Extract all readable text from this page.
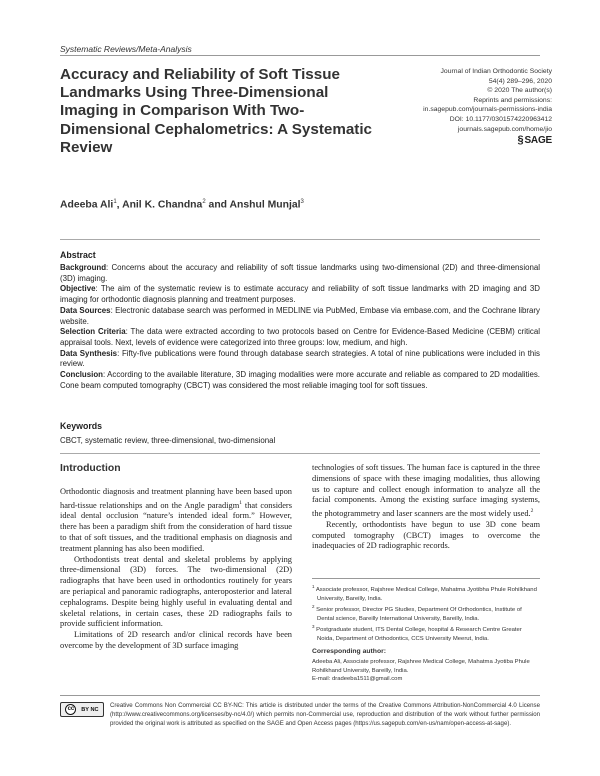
Systematic Reviews/Meta-Analysis
Accuracy and Reliability of Soft Tissue Landmarks Using Three-Dimensional Imaging in Comparison With Two-Dimensional Cephalometrics: A Systematic Review
Journal of Indian Orthodontic Society
54(4) 289–296, 2020
© 2020 The author(s)
Reprints and permissions:
in.sagepub.com/journals-permissions-india
DOI: 10.1177/0301574220963412
journals.sagepub.com/home/jio
§ SAGE
Adeeba Ali$^1$, Anil K. Chandna$^2$ and Anshul Munjal$^3$
Abstract

Background: Concerns about the accuracy and reliability of soft tissue landmarks using two-dimensional (2D) and three-dimensional (3D) imaging.

Objective: The aim of the systematic review is to estimate accuracy and reliability of soft tissue landmarks with 2D imaging and 3D imaging for orthodontic diagnosis planning and treatment purposes.

Data Sources: Electronic database search was performed in MEDLINE via PubMed, Embase via embase.com, and the Cochrane library website.

Selection Criteria: The data were extracted according to two protocols based on Centre for Evidence-Based Medicine (CEBM) critical appraisal tools. Next, levels of evidence were categorized into three groups: low, medium, and high.

Data Synthesis: Fifty-five publications were found through database search strategies. A total of nine publications were included in this review.

Conclusion: According to the available literature, 3D imaging modalities were more accurate and reliable as compared to 2D modalities. Cone beam computed tomography (CBCT) was considered the most reliable imaging tool for soft tissues.

Keywords
CBCT, systematic review, three-dimensional, two-dimensional
Introduction

Orthodontic diagnosis and treatment planning have been based upon hard-tissue relationships and on the Angle paradigm$^1$ that considers ideal dental occlusion “nature’s intended ideal form.” However, there has been a paradigm shift from the consideration of hard tissue to that of soft tissues, and the traditional emphasis on diagnosis and treatment planning has also been modified.

Orthodontists treat dental and skeletal problems by applying three-dimensional (3D) forces. The two-dimensional (2D) radiographs that have been used in orthodontics routinely for years are periapical and panoramic radiographs, anteroposterior and lateral cephalograms. Despite being highly useful in evaluating dental and skeletal relations, in certain cases, these 2D radiographs fails to provide sufficient information.

Limitations of 2D research and/or clinical records have been overcome by the development of 3D surface imaging

technologies of soft tissues. The human face is captured in the three dimensions of space with these imaging modalities, thus allowing us to capture and collect enough information to analyze all the facial components. Among the existing surface imaging systems, the photogrammetry and laser scanners are the most widely used.$^2$

Recently, orthodontists have begun to use 3D cone beam computed tomography (CBCT) images to overcome the inadequacies of 2D radiographic records.

$^1$ Associate professor, Rajshree Medical College, Mahatma Jyotibha Phule Rohilkhand University, Bareilly, India.

$^2$ Senior professor, Director PG Studies, Department Of Orthodontics, Institute of Dental science, Bareilly International University, Bareilly, India.

$^3$ Postgraduate student, ITS Dental College, hospital & Research Centre Greater Noida, Department of Orthodontics, CCS University Meerut, India.

Corresponding author:

Adeeba Ali, Associate professor, Rajshree Medical College, Mahatma Jyotiba Phule Rohilkhand University, Bareilly, India.

E-mail: dradeeba1511@gmail.com

cc	BY NC

Creative Commons Non Commercial CC BY-NC: This article is distributed under the terms of the Creative Commons Attribution-NonCommercial 4.0 License (http://www.creativecommons.org/licenses/by-nc/4.0/) which permits non-Commercial use, reproduction and distribution of the work without further permission provided the original work is attributed as specified on the SAGE and Open Access pages (https://us.sagepub.com/en-us/nam/open-access-at-sage).
